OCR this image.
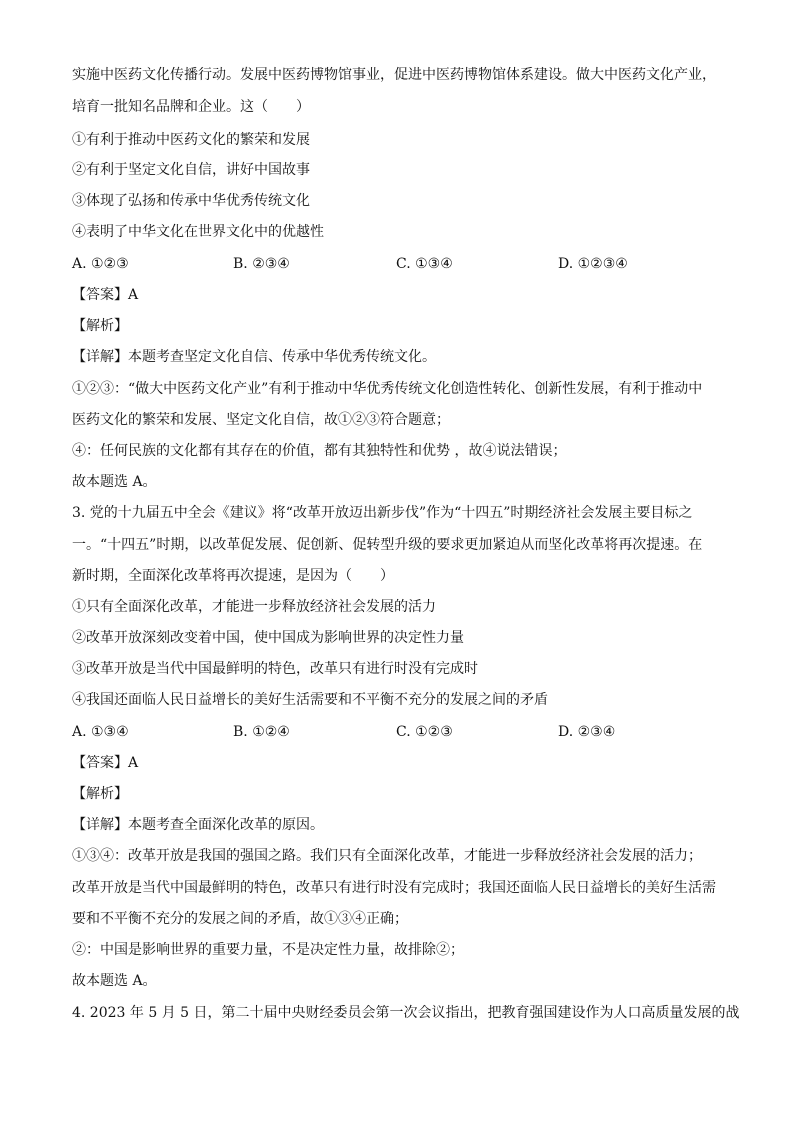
实施中医药文化传播行动。发展中医药博物馆事业，促进中医药博物馆体系建设。做大中医药文化产业，
培育一批知名品牌和企业。这（　　）
①有利于推动中医药文化的繁荣和发展
②有利于坚定文化自信，讲好中国故事
③体现了弘扬和传承中华优秀传统文化
④表明了中华文化在世界文化中的优越性
A. ①②③	B. ②③④	C. ①③④	D. ①②③④
【答案】A
【解析】
【详解】本题考查坚定文化自信、传承中华优秀传统文化。
①②③：“做大中医药文化产业”有利于推动中华优秀传统文化创造性转化、创新性发展，有利于推动中
医药文化的繁荣和发展、坚定文化自信，故①②③符合题意；
④：任何民族的文化都有其存在的价值，都有其独特性和优势 ，故④说法错误；
故本题选 A。
3. 党的十九届五中全会《建议》将“改革开放迈出新步伐”作为“十四五”时期经济社会发展主要目标之
一。“十四五”时期，以改革促发展、促创新、促转型升级的要求更加紧迫从而坚化改革将再次提速。在
新时期，全面深化改革将再次提速，是因为（　　）
①只有全面深化改革，才能进一步释放经济社会发展的活力
②改革开放深刻改变着中国，使中国成为影响世界的决定性力量
③改革开放是当代中国最鲜明的特色，改革只有进行时没有完成时
④我国还面临人民日益增长的美好生活需要和不平衡不充分的发展之间的矛盾
A. ①③④	B. ①②④	C. ①②③	D. ②③④
【答案】A
【解析】
【详解】本题考查全面深化改革的原因。
①③④：改革开放是我国的强国之路。我们只有全面深化改革，才能进一步释放经济社会发展的活力；
改革开放是当代中国最鲜明的特色，改革只有进行时没有完成时；我国还面临人民日益增长的美好生活需
要和不平衡不充分的发展之间的矛盾，故①③④正确；
②：中国是影响世界的重要力量，不是决定性力量，故排除②；
故本题选 A。
4. 2023 年 5 月 5 日，第二十届中央财经委员会第一次会议指出，把教育强国建设作为人口高质量发展的战
